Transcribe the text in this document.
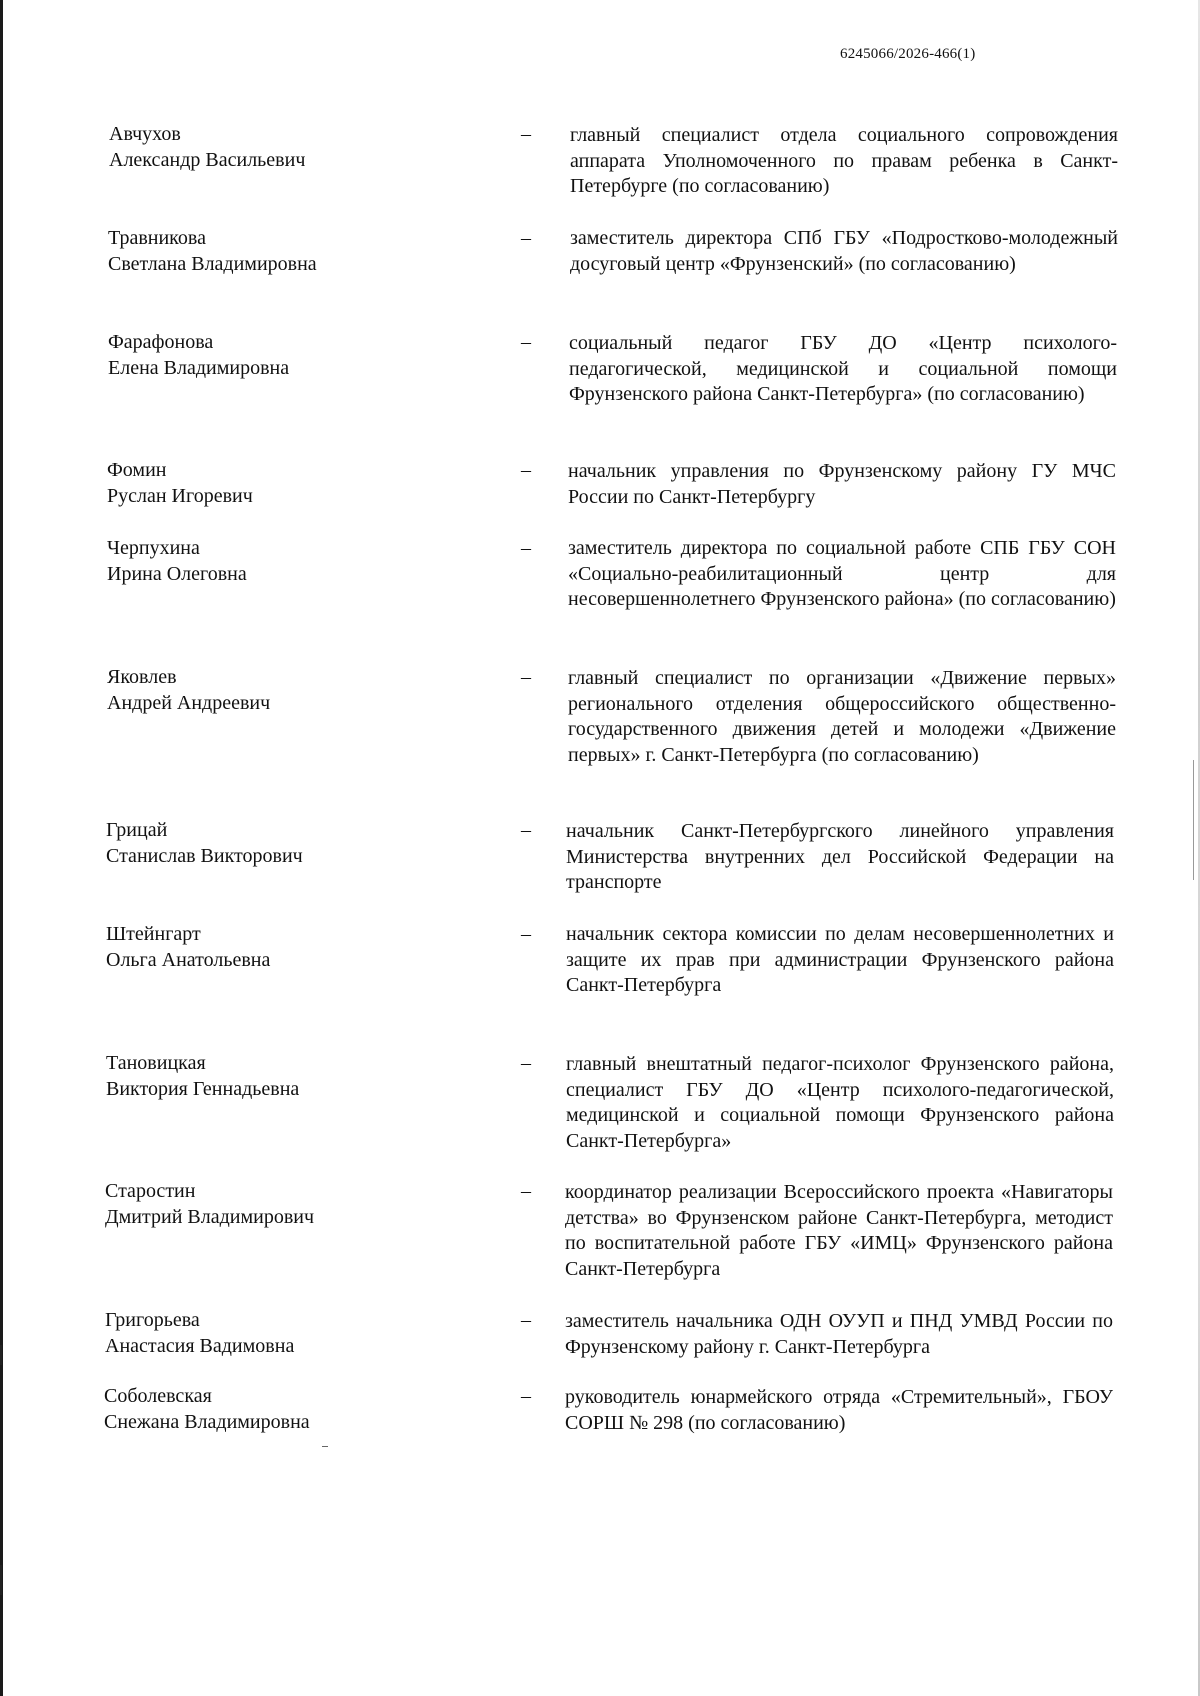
6245066/2026-466(1)
Авчухов
Александр Васильевич
– главный специалист отдела социального сопровождения аппарата Уполномоченного по правам ребенка в Санкт-Петербурге (по согласованию)
Травникова
Светлана Владимировна
– заместитель директора СПб ГБУ «Подростково-молодежный досуговый центр «Фрунзенский» (по согласованию)
Фарафонова
Елена Владимировна
– социальный педагог ГБУ ДО «Центр психолого-педагогической, медицинской и социальной помощи Фрунзенского района Санкт-Петербурга» (по согласованию)
Фомин
Руслан Игоревич
– начальник управления по Фрунзенскому району ГУ МЧС России по Санкт-Петербургу
Черпухина
Ирина Олеговна
– заместитель директора по социальной работе СПБ ГБУ СОН «Социально-реабилитационный центр для несовершеннолетнего Фрунзенского района» (по согласованию)
Яковлев
Андрей Андреевич
– главный специалист по организации «Движение первых» регионального отделения общероссийского общественно-государственного движения детей и молодежи «Движение первых» г. Санкт-Петербурга (по согласованию)
Грицай
Станислав Викторович
– начальник Санкт-Петербургского линейного управления Министерства внутренних дел Российской Федерации на транспорте
Штейнгарт
Ольга Анатольевна
– начальник сектора комиссии по делам несовершеннолетних и защите их прав при администрации Фрунзенского района Санкт-Петербурга
Тановицкая
Виктория Геннадьевна
– главный внештатный педагог-психолог Фрунзенского района, специалист ГБУ ДО «Центр психолого-педагогической, медицинской и социальной помощи Фрунзенского района Санкт-Петербурга»
Старостин
Дмитрий Владимирович
– координатор реализации Всероссийского проекта «Навигаторы детства» во Фрунзенском районе Санкт-Петербурга, методист по воспитательной работе ГБУ «ИМЦ» Фрунзенского района Санкт-Петербурга
Григорьева
Анастасия Вадимовна
– заместитель начальника ОДН ОУУП и ПНД УМВД России по Фрунзенскому району г. Санкт-Петербурга
Соболевская
Снежана Владимировна
– руководитель юнармейского отряда «Стремительный», ГБОУ СОРШ № 298 (по согласованию)
